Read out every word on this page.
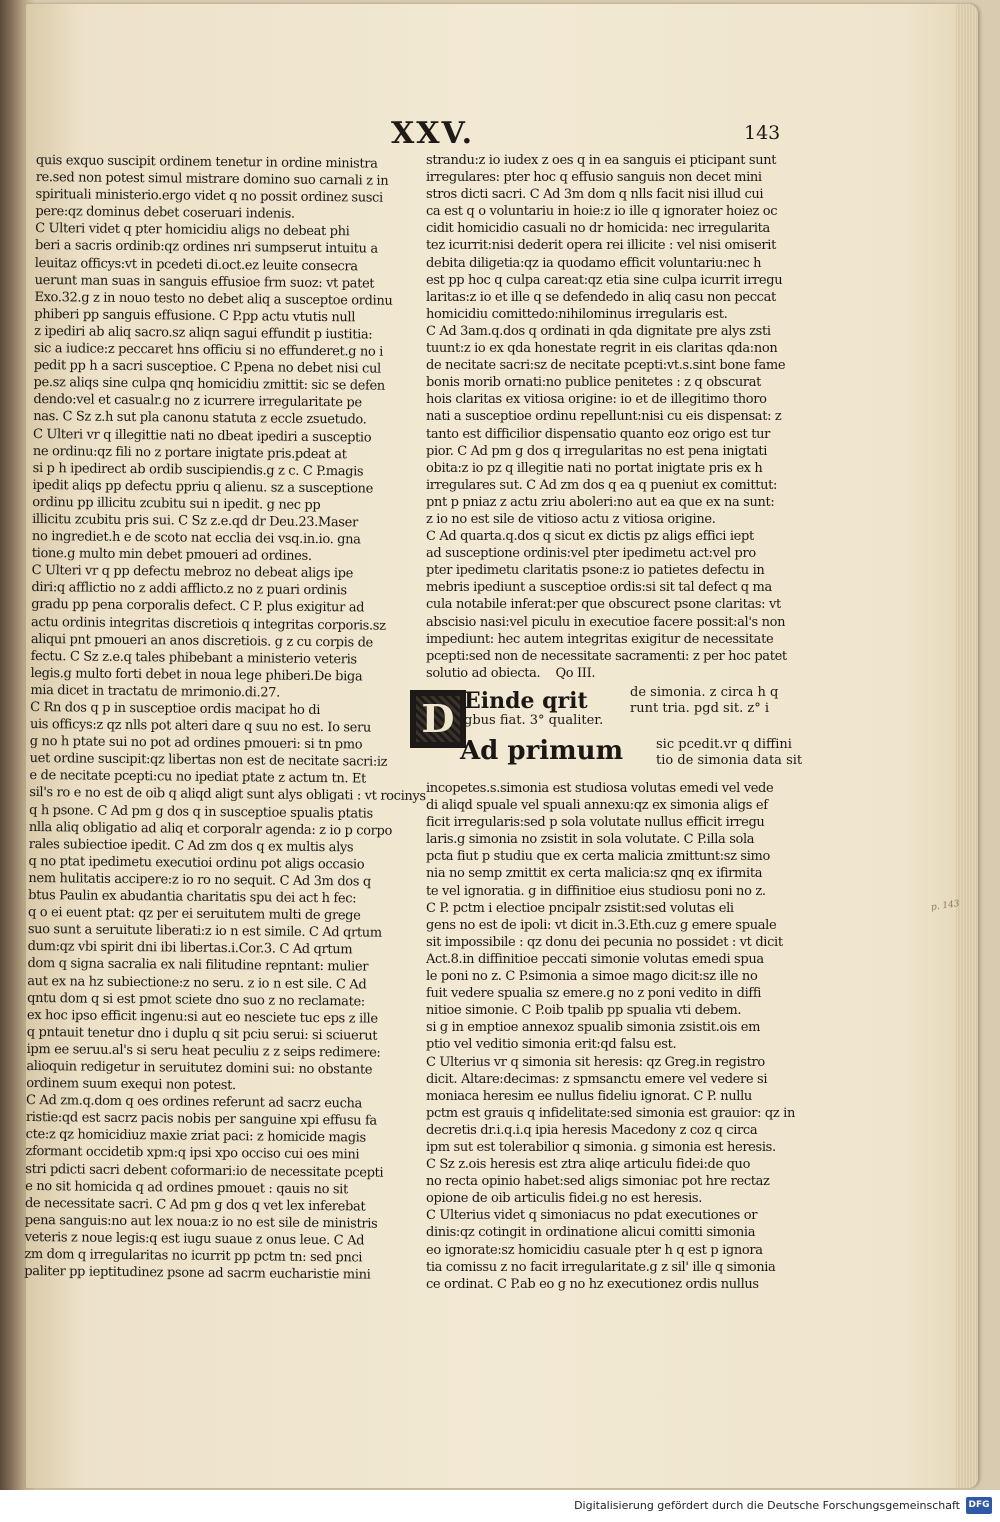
XXV.	143

quis exquo suscipit ordinem tenetur in ordine ministra

re.sed non potest simul mistrare domino suo carnali z in

spirituali ministerio.ergo videt q no possit ordinez susci

pere:qz dominus debet coseruari indenis.

C Ulteri videt q pter homicidiu aligs no debeat phi

beri a sacris ordinib:qz ordines nri sumpserut intuitu a

leuitaz officys:vt in pcedeti di.oct.ez leuite consecra

uerunt man suas in sanguis effusioe frm suoz: vt patet

Exo.32.g z in nouo testo no debet aliq a susceptoe ordinu

phiberi pp sanguis effusione. C P.pp actu vtutis null

z ipediri ab aliq sacro.sz aliqn sagui effundit p iustitia:

sic a iudice:z peccaret hns officiu si no effunderet.g no i

pedit pp h a sacri susceptioe. C P.pena no debet nisi cul

pe.sz aliqs sine culpa qnq homicidiu zmittit: sic se defen

dendo:vel et casualr.g no z icurrere irregularitate pe

nas. C Sz z.h sut pla canonu statuta z eccle zsuetudo.

C Ulteri vr q illegittie nati no dbeat ipediri a susceptio

ne ordinu:qz fili no z portare inigtate pris.pdeat at

si p h ipedirect ab ordib suscipiendis.g z c. C P.magis

ipedit aliqs pp defectu ppriu q alienu. sz a susceptione

ordinu pp illicitu zcubitu sui n ipedit. g nec pp

illicitu zcubitu pris sui. C Sz z.e.qd dr Deu.23.Maser

no ingrediet.h e de scoto nat ecclia dei vsq.in.io. gna

tione.g multo min debet pmoueri ad ordines.

C Ulteri vr q pp defectu mebroz no debeat aligs ipe

diri:q afflictio no z addi afflicto.z no z puari ordinis

gradu pp pena corporalis defect. C P. plus exigitur ad

actu ordinis integritas discretiois q integritas corporis.sz

aliqui pnt pmoueri an anos discretiois. g z cu corpis de

fectu. C Sz z.e.q tales phibebant a ministerio veteris

legis.g multo forti debet in noua lege phiberi.De biga

mia dicet in tractatu de mrimonio.di.27.

C Rn dos q p in susceptioe ordis macipat ho di

uis officys:z qz nlls pot alteri dare q suu no est. Io seru

g no h ptate sui no pot ad ordines pmoueri: si tn pmo

uet ordine suscipit:qz libertas non est de necitate sacri:iz

e de necitate pcepti:cu no ipediat ptate z actum tn. Et

sil's ro e no est de oib q aliqd aligt sunt alys obligati : vt rocinys

q h psone. C Ad pm g dos q in susceptioe spualis ptatis

nlla aliq obligatio ad aliq et corporalr agenda: z io p corpo

rales subiectioe ipedit. C Ad zm dos q ex multis alys

q no ptat ipedimetu executioi ordinu pot aligs occasio

nem hulitatis accipere:z io ro no sequit. C Ad 3m dos q

btus Paulin ex abudantia charitatis spu dei act h fec:

q o ei euent ptat: qz per ei seruitutem multi de grege

suo sunt a seruitute liberati:z io n est simile. C Ad qrtum

dum:qz vbi spirit dni ibi libertas.i.Cor.3. C Ad qrtum

dom q signa sacralia ex nali filitudine repntant: mulier

aut ex na hz subiectione:z no seru. z io n est sile. C Ad

qntu dom q si est pmot sciete dno suo z no reclamate:

ex hoc ipso efficit ingenu:si aut eo nesciete tuc eps z ille

q pntauit tenetur dno i duplu q sit pciu serui: si sciuerut

ipm ee seruu.al's si seru heat peculiu z z seips redimere:

alioquin redigetur in seruitutez domini sui: no obstante

ordinem suum exequi non potest.

C Ad zm.q.dom q oes ordines referunt ad sacrz eucha

ristie:qd est sacrz pacis nobis per sanguine xpi effusu fa

cte:z qz homicidiuz maxie zriat paci: z homicide magis

zformant occidetib xpm:q ipsi xpo occiso cui oes mini

stri pdicti sacri debent coformari:io de necessitate pcepti

e no sit homicida q ad ordines pmouet : qauis no sit

de necessitate sacri. C Ad pm g dos q vet lex inferebat

pena sanguis:no aut lex noua:z io no est sile de ministris

veteris z noue legis:q est iugu suaue z onus leue. C Ad

zm dom q irregularitas no icurrit pp pctm tn: sed pnci

paliter pp ieptitudinez psone ad sacrm eucharistie mini

strandu:z io iudex z oes q in ea sanguis ei pticipant sunt

irregulares: pter hoc q effusio sanguis non decet mini

stros dicti sacri. C Ad 3m dom q nlls facit nisi illud cui

ca est q o voluntariu in hoie:z io ille q ignorater hoiez oc

cidit homicidio casuali no dr homicida: nec irregularita

tez icurrit:nisi dederit opera rei illicite : vel nisi omiserit

debita diligetia:qz ia quodamo efficit voluntariu:nec h

est pp hoc q culpa careat:qz etia sine culpa icurrit irregu

laritas:z io et ille q se defendedo in aliq casu non peccat

homicidiu comittedo:nihilominus irregularis est.

C Ad 3am.q.dos q ordinati in qda dignitate pre alys zsti

tuunt:z io ex qda honestate regrit in eis claritas qda:non

de necitate sacri:sz de necitate pcepti:vt.s.sint bone fame

bonis morib ornati:no publice penitetes : z q obscurat

hois claritas ex vitiosa origine: io et de illegitimo thoro

nati a susceptioe ordinu repellunt:nisi cu eis dispensat: z

tanto est difficilior dispensatio quanto eoz origo est tur

pior. C Ad pm g dos q irregularitas no est pena inigtati

obita:z io pz q illegitie nati no portat inigtate pris ex h

irregulares sut. C Ad zm dos q ea q pueniut ex comittut:

pnt p pniaz z actu zriu aboleri:no aut ea que ex na sunt:

z io no est sile de vitioso actu z vitiosa origine.

C Ad quarta.q.dos q sicut ex dictis pz aligs effici iept

ad susceptione ordinis:vel pter ipedimetu act:vel pro

pter ipedimetu claritatis psone:z io patietes defectu in

mebris ipediunt a susceptioe ordis:si sit tal defect q ma

cula notabile inferat:per que obscurect psone claritas: vt

abscisio nasi:vel piculu in executioe facere possit:al's non

impediunt: hec autem integritas exigitur de necessitate

pcepti:sed non de necessitate sacramenti: z per hoc patet

solutio ad obiecta.    Qo III.

D Einde qrit	de simonia. z circa h q
runt tria. pgd sit. z° i
gbus fiat. 3° qualiter.
Ad primum	sic pcedit.vr q diffini
tio de simonia data sit

incopetes.s.simonia est studiosa volutas emedi vel vede

di aliqd spuale vel spuali annexu:qz ex simonia aligs ef

ficit irregularis:sed p sola volutate nullus efficit irregu

laris.g simonia no zsistit in sola volutate. C P.illa sola

pcta fiut p studiu que ex certa malicia zmittunt:sz simo

nia no semp zmittit ex certa malicia:sz qnq ex ifirmita

te vel ignoratia. g in diffinitioe eius studiosu poni no z.

C P. pctm i electioe pncipalr zsistit:sed volutas eli

gens no est de ipoli: vt dicit in.3.Eth.cuz g emere spuale

sit impossibile : qz donu dei pecunia no possidet : vt dicit

Act.8.in diffinitioe peccati simonie volutas emedi spua

le poni no z. C P.simonia a simoe mago dicit:sz ille no

fuit vedere spualia sz emere.g no z poni vedito in diffi

nitioe simonie. C P.oib tpalib pp spualia vti debem.

si g in emptioe annexoz spualib simonia zsistit.ois em

ptio vel veditio simonia erit:qd falsu est.

C Ulterius vr q simonia sit heresis: qz Greg.in registro

dicit. Altare:decimas: z spmsanctu emere vel vedere si

moniaca heresim ee nullus fideliu ignorat. C P. nullu

pctm est grauis q infidelitate:sed simonia est grauior: qz in

decretis dr.i.q.i.q ipia heresis Macedony z coz q circa

ipm sut est tolerabilior q simonia. g simonia est heresis.

C Sz z.ois heresis est ztra aliqe articulu fidei:de quo

no recta opinio habet:sed aligs simoniac pot hre rectaz

opione de oib articulis fidei.g no est heresis.

C Ulterius videt q simoniacus no pdat executiones or

dinis:qz cotingit in ordinatione alicui comitti simonia

eo ignorate:sz homicidiu casuale pter h q est p ignora

tia comissu z no facit irregularitate.g z sil' ille q simonia

ce ordinat. C P.ab eo g no hz executionez ordis nullus

p. 143
Digitalisierung gefördert durch die Deutsche Forschungsgemeinschaft DFG
